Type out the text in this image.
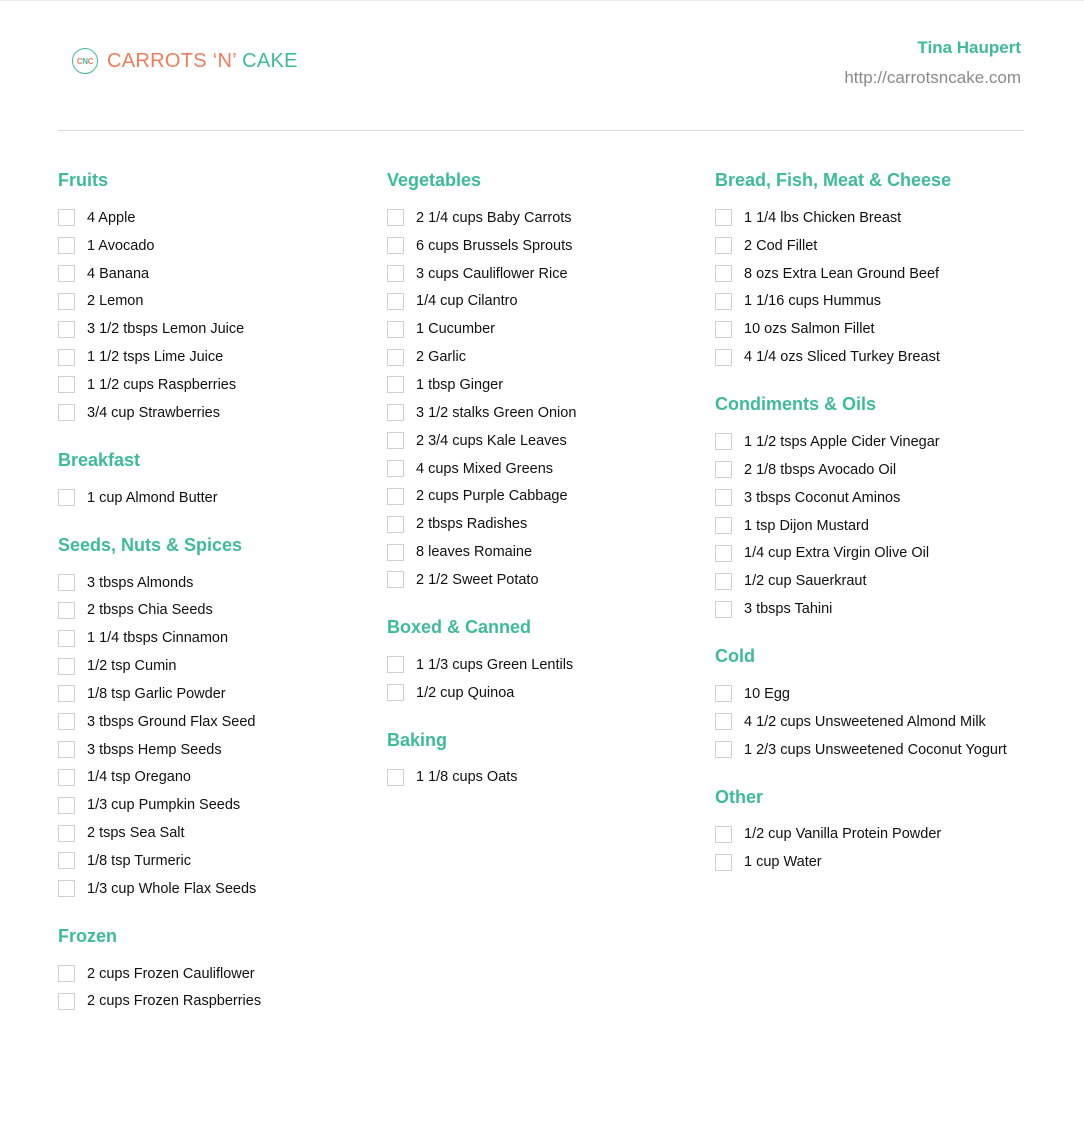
C N C CARROTS ‘N’ CAKE
Tina Haupert
http://carrotsncake.com
Fruits
4 Apple
1 Avocado
4 Banana
2 Lemon
3 1/2 tbsps Lemon Juice
1 1/2 tsps Lime Juice
1 1/2 cups Raspberries
3/4 cup Strawberries
Breakfast
1 cup Almond Butter
Seeds, Nuts & Spices
3 tbsps Almonds
2 tbsps Chia Seeds
1 1/4 tbsps Cinnamon
1/2 tsp Cumin
1/8 tsp Garlic Powder
3 tbsps Ground Flax Seed
3 tbsps Hemp Seeds
1/4 tsp Oregano
1/3 cup Pumpkin Seeds
2 tsps Sea Salt
1/8 tsp Turmeric
1/3 cup Whole Flax Seeds
Frozen
2 cups Frozen Cauliflower
2 cups Frozen Raspberries
Vegetables
2 1/4 cups Baby Carrots
6 cups Brussels Sprouts
3 cups Cauliflower Rice
1/4 cup Cilantro
1 Cucumber
2 Garlic
1 tbsp Ginger
3 1/2 stalks Green Onion
2 3/4 cups Kale Leaves
4 cups Mixed Greens
2 cups Purple Cabbage
2 tbsps Radishes
8 leaves Romaine
2 1/2 Sweet Potato
Boxed & Canned
1 1/3 cups Green Lentils
1/2 cup Quinoa
Baking
1 1/8 cups Oats
Bread, Fish, Meat & Cheese
1 1/4 lbs Chicken Breast
2 Cod Fillet
8 ozs Extra Lean Ground Beef
1 1/16 cups Hummus
10 ozs Salmon Fillet
4 1/4 ozs Sliced Turkey Breast
Condiments & Oils
1 1/2 tsps Apple Cider Vinegar
2 1/8 tbsps Avocado Oil
3 tbsps Coconut Aminos
1 tsp Dijon Mustard
1/4 cup Extra Virgin Olive Oil
1/2 cup Sauerkraut
3 tbsps Tahini
Cold
10 Egg
4 1/2 cups Unsweetened Almond Milk
1 2/3 cups Unsweetened Coconut Yogurt
Other
1/2 cup Vanilla Protein Powder
1 cup Water
